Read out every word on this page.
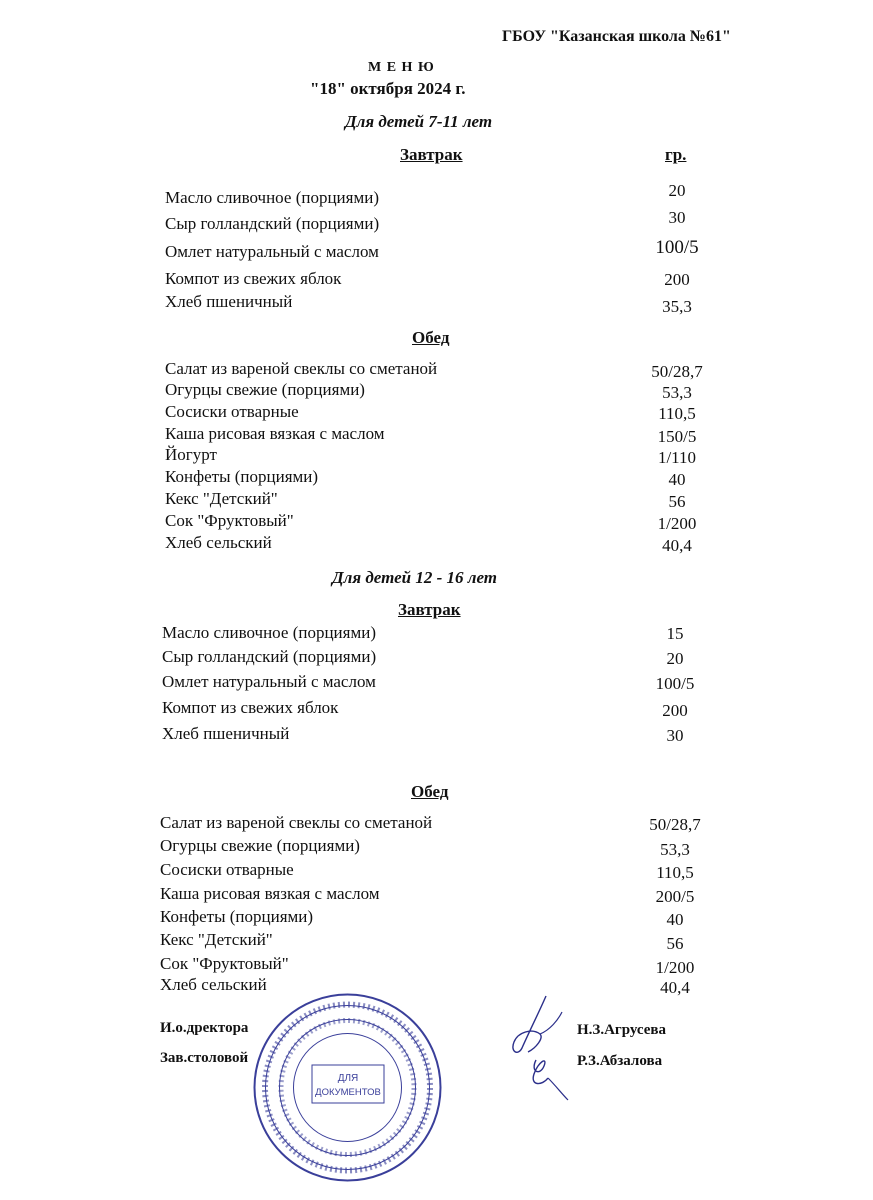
ГБОУ "Казанская школа №61"
М Е Н Ю
"18" октября 2024 г.
Для детей 7-11 лет
Завтрак	гр.
Масло сливочное (порциями)	20
Сыр голландский (порциями)	30
Омлет натуральный с маслом	100/5
Компот из свежих яблок	200
Хлеб пшеничный	35,3
Обед
Салат из вареной свеклы со сметаной	50/28,7
Огурцы свежие (порциями)	53,3
Сосиски отварные	110,5
Каша рисовая вязкая с маслом	150/5
Йогурт	1/110
Конфеты (порциями)	40
Кекс "Детский"	56
Сок "Фруктовый"	1/200
Хлеб сельский	40,4
Для детей 12 - 16 лет
Завтрак
Масло сливочное (порциями)	15
Сыр голландский (порциями)	20
Омлет натуральный с маслом	100/5
Компот из свежих яблок	200
Хлеб пшеничный	30
Обед
Салат из вареной свеклы со сметаной	50/28,7
Огурцы свежие (порциями)	53,3
Сосиски отварные	110,5
Каша рисовая вязкая с маслом	200/5
Конфеты (порциями)	40
Кекс "Детский"	56
Сок "Фруктовый"	1/200
Хлеб сельский	40,4
И.о.дректора
Зав.столовой
Н.З.Агрусева
Р.З.Абзалова
ДЛЯ
ДОКУМЕНТОВ
